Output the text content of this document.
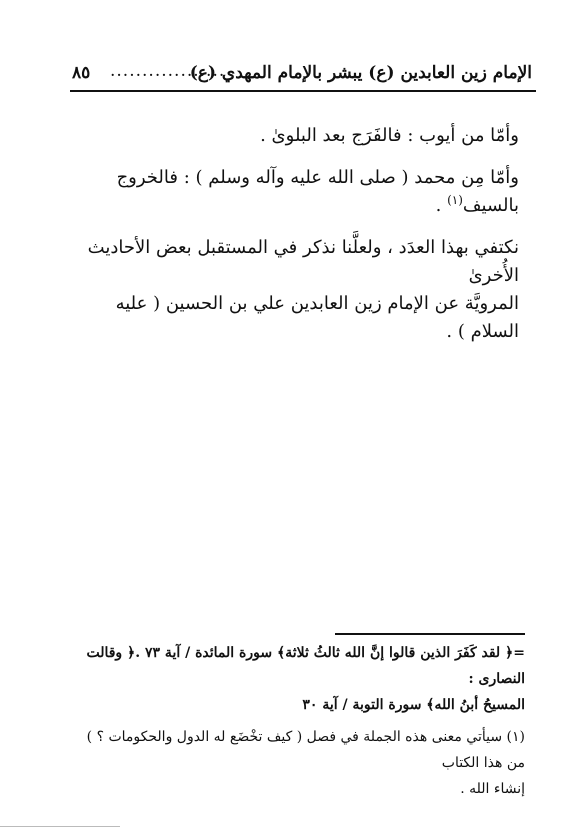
الإمام زين العابدين (ع) يبشر بالإمام المهدي (ع)
..................
٨٥

وأمّا من أيوب : فالفَرَج بعد البلوىٰ .

وأمّا مِن محمد ( صلى الله عليه وآله وسلم ) : فالخروج بالسيف$^{(١)}$ .

نكتفي بهذا العدَد ، ولعلَّنا نذكر في المستقبل بعض الأحاديث الأُخرىٰ

المرويَّة عن الإمام زين العابدين علي بن الحسين ( عليه السلام ) .

=﴿ لقد كَفَرَ الذين قالوا إنَّ الله ثالثُ ثلاثة﴾ سورة المائدة / آية ٧٣ .﴿ وقالت النصارى :

المسيحُ أبنُ الله﴾ سورة التوبة / آية ٣٠

(١) سيأتي معنى هذه الجملة في فصل ( كيف تخْضَع له الدول والحكومات ؟ ) من هذا الكتاب

إنشاء الله .
